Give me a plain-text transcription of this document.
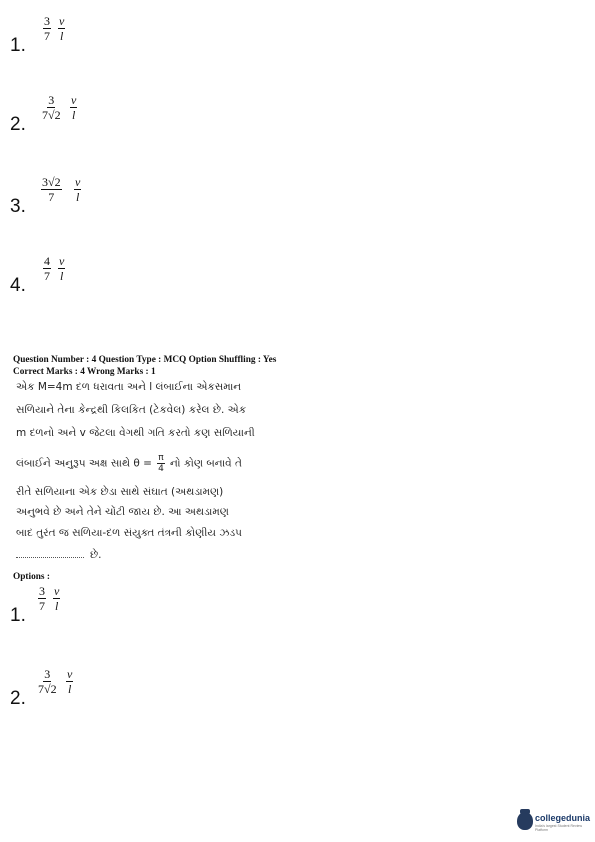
1.
$\frac{3}{7} \frac{v}{l}$
2.
$\frac{3}{7√2} \frac{v}{l}$
3.
$\frac{3√2}{7} \frac{v}{l}$
4.
$\frac{4}{7} \frac{v}{l}$
Question Number : 4 Question Type : MCQ Option Shuffling : Yes
Correct Marks : 4 Wrong Marks : 1
એક M=4m દળ ધરાવતા અને l લંબાઈના એકસમાન
સળિયાને તેના કેન્દ્રથી કિલકિત (ટેકવેલ) કરેલ છે. એક
m દળનો અને v જેટલા વેગથી ગતિ કરતો કણ સળિયાની
લંબાઈને અનુરૂપ અક્ષ સાથે $\theta = \frac{\pi}{4}$ નો કોણ બનાવે તે
રીતે સળિયાના એક છેડા સાથે સંઘાત (અથડામણ)
અનુભવે છે અને તેને ચોંટી જાય છે. આ અથડામણ
બાદ તુરંત જ સળિયા-દળ સંયુક્ત તંત્રની કોણીય ઝડપ
છે.
Options :
1.
$\frac{3}{7} \frac{v}{l}$
2.
$\frac{3}{7√2} \frac{v}{l}$
collegedunia
India's largest Student Review Platform
